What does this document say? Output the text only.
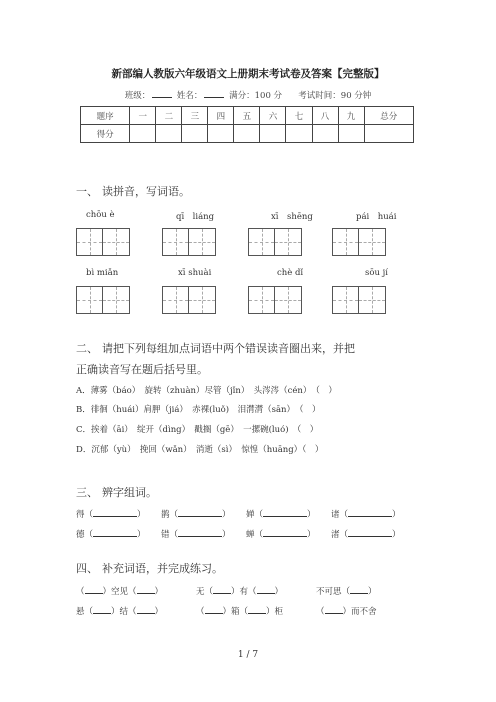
新部编人教版六年级语文上册期末考试卷及答案【完整版】
班级：	姓名：	满分：100 分 考试时间：90 分钟
题序	一	二	三	四	五	六	七	八	九	总分
得分										
一、 读拼音，写词语。
chōu è	qī　liáng	xī　shēng	pái　huái
bì miǎn	xī shuài	chè dǐ	sōu jí
二、 请把下列每组加点词语中两个错误读音圈出来，并把
正确读音写在题后括号里。
A．薄雾（báo）　旋转（zhuàn）尽管（jǐn）　头涔涔（cén）　（　）
B．徘徊（huái）肩胛（jiá）　赤裸(luǒ)　泪潸潸（sān）　（　）
C．挨着（āi）　绽开（dìng）　戳搁（gē）　一摞碗(luó)　（　）
D．沉郁（yù）　挽回（wǎn）　消逝（sì）　惊惶（huāng）（　）
三、 辨字组词。
得（	） 鹊（	） 婵（	） 诸（	）
德（	） 错（	） 蝉（	） 渚（	）
四、 补充词语，并完成练习。
（ ）空见（ ）	无（ ）有（ ）	不可思（ ）
悬（ ）结（ ）	（ ）箱（ ）柜	（ ）而不舍
1 / 7
